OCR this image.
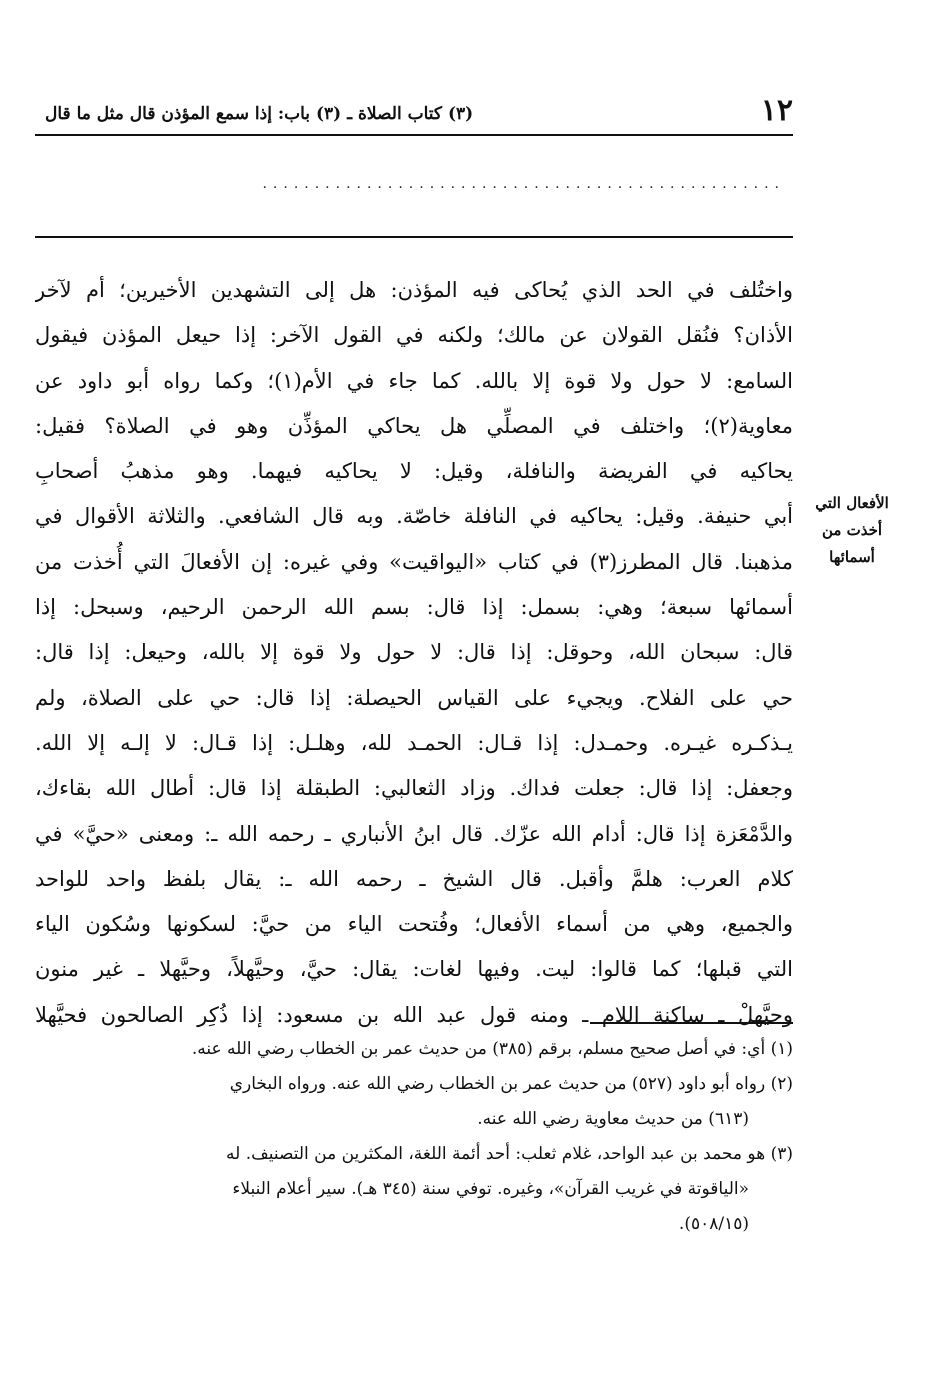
١٢
(٣) كتاب الصلاة ـ (٣) باب: إذا سمع المؤذن قال مثل ما قال
..................................................
واختُلف في الحد الذي يُحاكى فيه المؤذن: هل إلى التشهدين الأخيرين؛ أم لآخر
الأذان؟ فنُقل القولان عن مالك؛ ولكنه في القول الآخر: إذا حيعل المؤذن فيقول
السامع: لا حول ولا قوة إلا بالله. كما جاء في الأم(١)؛ وكما رواه أبو داود عن
معاوية(٢)؛ واختلف في المصلِّي هل يحاكي المؤذِّن وهو في الصلاة؟ فقيل:
يحاكيه في الفريضة والنافلة، وقيل: لا يحاكيه فيهما. وهو مذهبُ أصحابِ
أبي حنيفة. وقيل: يحاكيه في النافلة خاصّة. وبه قال الشافعي. والثلاثة الأقوال في
مذهبنا. قال المطرز(٣) في كتاب «اليواقيت» وفي غيره: إن الأفعالَ التي أُخذت من
أسمائها سبعة؛ وهي: بسمل: إذا قال: بسم الله الرحمن الرحيم، وسبحل: إذا
قال: سبحان الله، وحوقل: إذا قال: لا حول ولا قوة إلا بالله، وحيعل: إذا قال:
حي على الفلاح. ويجيء على القياس الحيصلة: إذا قال: حي على الصلاة، ولم
يـذكـره غيـره. وحمـدل: إذا قـال: الحمـد لله، وهلـل: إذا قـال: لا إلـه إلا الله.
وجعفل: إذا قال: جعلت فداك. وزاد الثعالبي: الطبقلة إذا قال: أطال الله بقاءك،
والدَّمْعَزة إذا قال: أدام الله عزّك. قال ابنُ الأنباري ـ رحمه الله ـ: ومعنى «حيَّ» في
كلام العرب: هلمَّ وأقبل. قال الشيخ ـ رحمه الله ـ: يقال بلفظ واحد للواحد
والجميع، وهي من أسماء الأفعال؛ وفُتحت الياء من حيَّ: لسكونها وسُكون الياء
التي قبلها؛ كما قالوا: ليت. وفيها لغات: يقال: حيَّ، وحيَّهلاً، وحيَّهلا ـ غير منون
وحيَّهلْ ـ ساكنة اللام ـ ومنه قول عبد الله بن مسعود: إذا ذُكِر الصالحون فحيَّهلا
الأفعال التي
أخذت من
أسمائها
(١) أي: في أصل صحيح مسلم، برقم (٣٨٥) من حديث عمر بن الخطاب رضي الله عنه.
(٢) رواه أبو داود (٥٢٧) من حديث عمر بن الخطاب رضي الله عنه. ورواه البخاري
(٦١٣) من حديث معاوية رضي الله عنه.
(٣) هو محمد بن عبد الواحد، غلام ثعلب: أحد أئمة اللغة، المكثرين من التصنيف. له
«الياقوتة في غريب القرآن»، وغيره. توفي سنة (٣٤٥ هـ). سير أعلام النبلاء
(٥٠٨/١٥).
